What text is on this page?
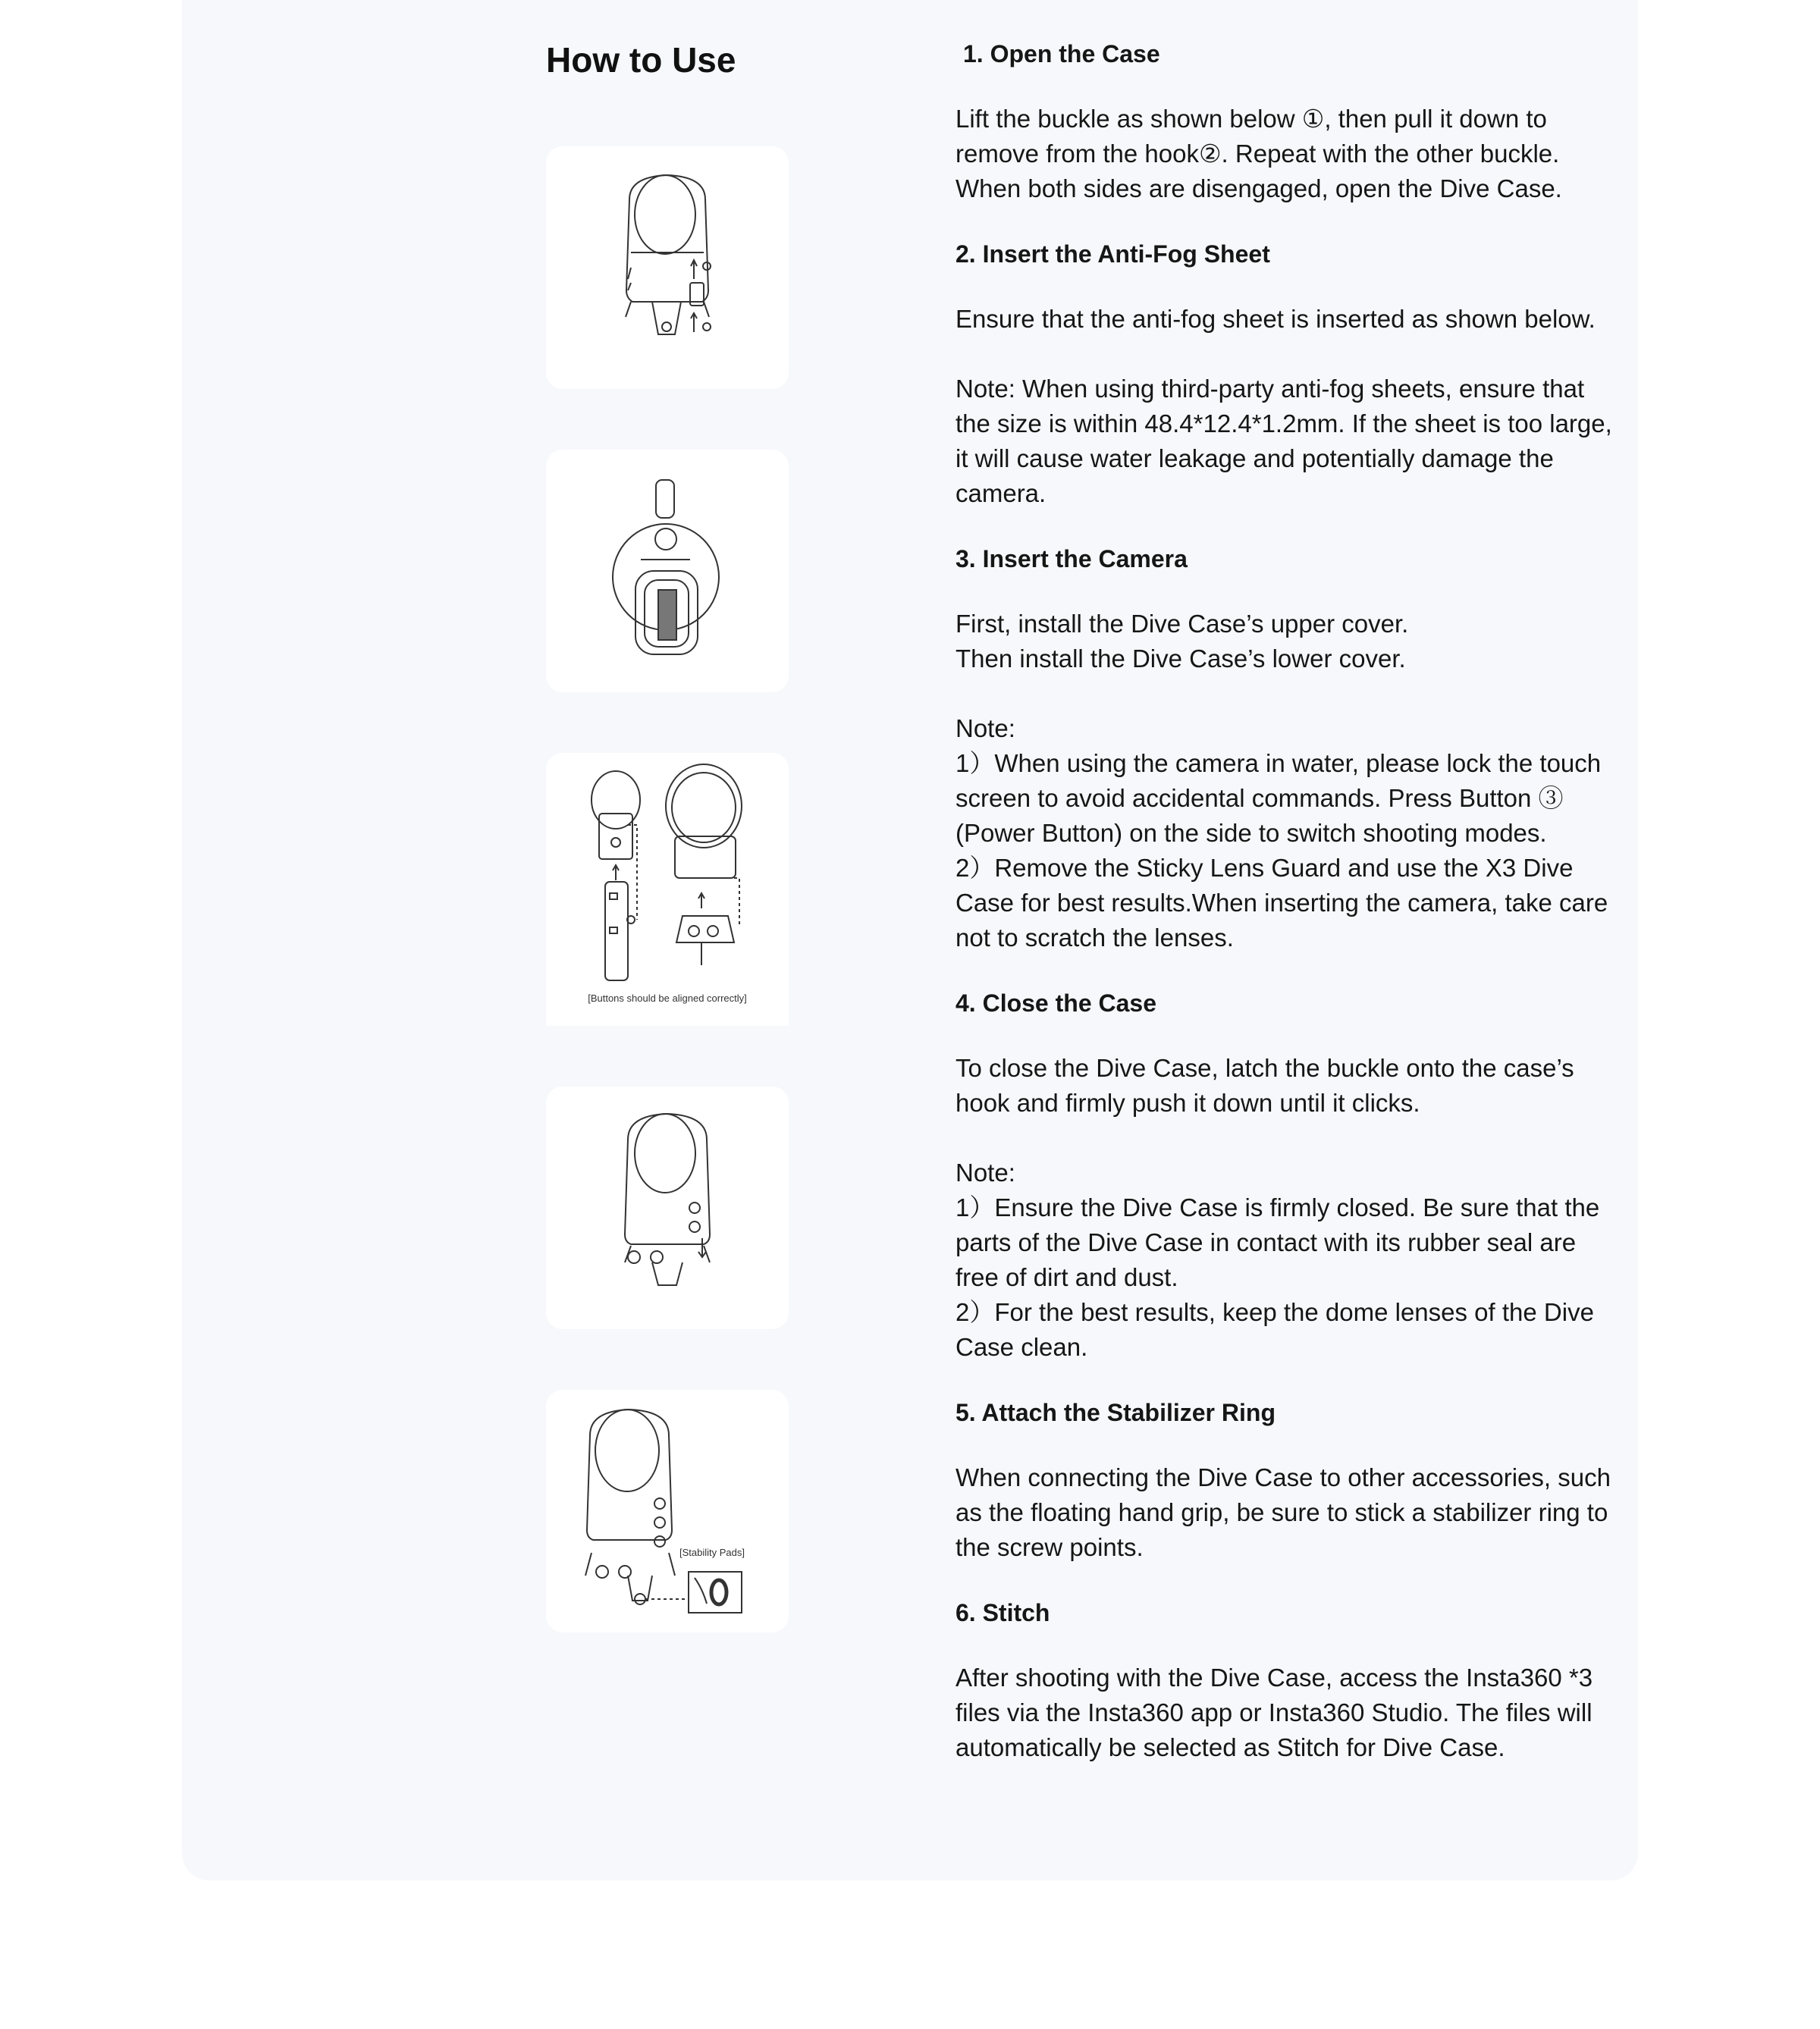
How to Use
[Buttons should be aligned correctly]
[Stability Pads]
1. Open the Case

Lift the buckle as shown below ①, then pull it down to remove from the hook②. Repeat with the other buckle. When both sides are disengaged, open the Dive Case.

2. Insert the Anti-Fog Sheet

Ensure that the anti-fog sheet is inserted as shown below.

Note: When using third-party anti-fog sheets, ensure that the size is within 48.4*12.4*1.2mm. If the sheet is too large, it will cause water leakage and potentially damage the camera.

3. Insert the Camera

First, install the Dive Case’s upper cover.

Then install the Dive Case’s lower cover.

Note:

1）When using the camera in water, please lock the touch screen to avoid accidental commands. Press Button ③ (Power Button) on the side to switch shooting modes.

2）Remove the Sticky Lens Guard and use the X3 Dive Case for best results.When inserting the camera, take care not to scratch the lenses.

4. Close the Case

To close the Dive Case, latch the buckle onto the case’s hook and firmly push it down until it clicks.

Note:

1）Ensure the Dive Case is firmly closed. Be sure that the parts of the Dive Case in contact with its rubber seal are free of dirt and dust.

2）For the best results, keep the dome lenses of the Dive Case clean.

5. Attach the Stabilizer Ring

When connecting the Dive Case to other accessories, such as the floating hand grip, be sure to stick a stabilizer ring to the screw points.

6. Stitch

After shooting with the Dive Case, access the Insta360 *3 files via the Insta360 app or Insta360 Studio. The files will automatically be selected as Stitch for Dive Case.
